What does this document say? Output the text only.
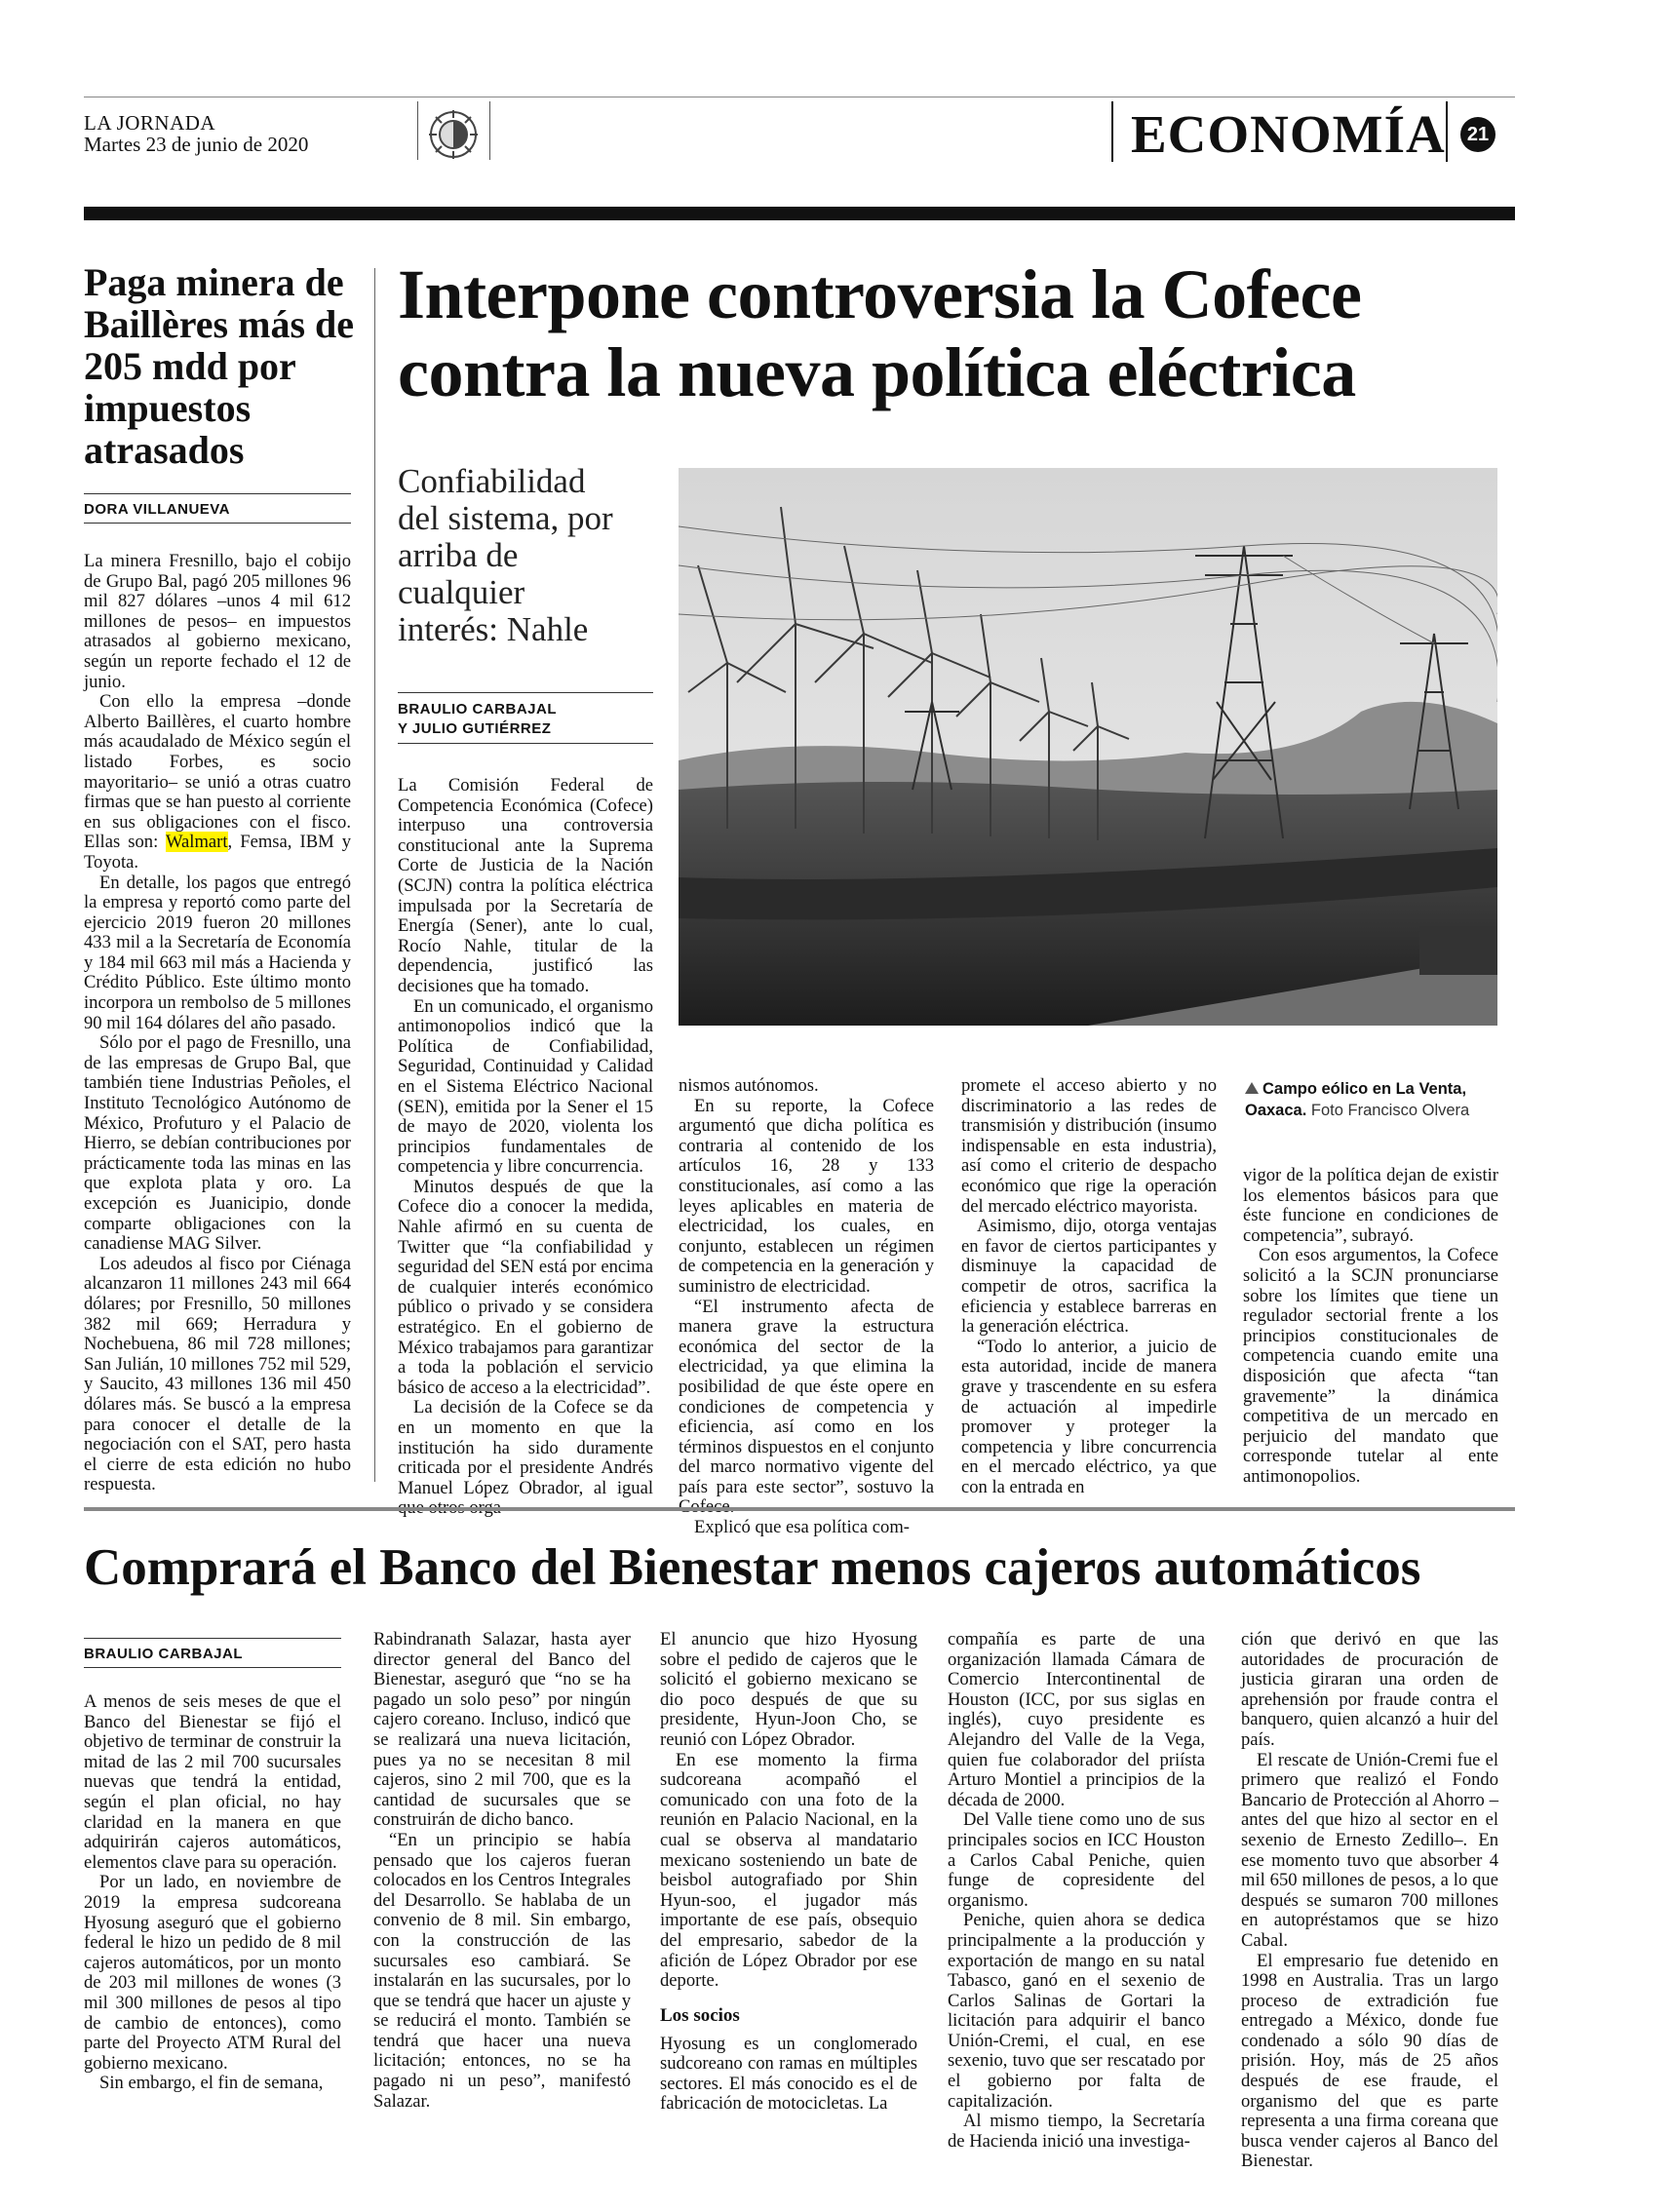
LA JORNADA
Martes 23 de junio de 2020	ECONOMÍA	21
Paga minera de Baillères más de 205 mdd por impuestos atrasados
DORA VILLANUEVA

La minera Fresnillo, bajo el cobijo de Grupo Bal, pagó 205 millones 96 mil 827 dólares –unos 4 mil 612 millones de pesos– en impuestos atrasados al gobierno mexicano, según un reporte fechado el 12 de junio.

Con ello la empresa –donde Alberto Baillères, el cuarto hombre más acaudalado de México según el listado Forbes, es socio mayoritario– se unió a otras cuatro firmas que se han puesto al corriente en sus obligaciones con el fisco. Ellas son: Walmart, Femsa, IBM y Toyota.

En detalle, los pagos que entregó la empresa y reportó como parte del ejercicio 2019 fueron 20 millones 433 mil a la Secretaría de Economía y 184 mil 663 mil más a Hacienda y Crédito Público. Este último monto incorpora un rembolso de 5 millones 90 mil 164 dólares del año pasado.

Sólo por el pago de Fresnillo, una de las empresas de Grupo Bal, que también tiene Industrias Peñoles, el Instituto Tecnológico Autónomo de México, Profuturo y el Palacio de Hierro, se debían contribuciones por prácticamente toda las minas en las que explota plata y oro. La excepción es Juanicipio, donde comparte obligaciones con la canadiense MAG Silver.

Los adeudos al fisco por Ciénaga alcanzaron 11 millones 243 mil 664 dólares; por Fresnillo, 50 millones 382 mil 669; Herradura y Nochebuena, 86 mil 728 millones; San Julián, 10 millones 752 mil 529, y Saucito, 43 millones 136 mil 450 dólares más. Se buscó a la empresa para conocer el detalle de la negociación con el SAT, pero hasta el cierre de esta edición no hubo respuesta.

Interpone controversia la Cofece contra la nueva política eléctrica
Confiabilidad del sistema, por arriba de cualquier interés: Nahle
BRAULIO CARBAJAL
Y JULIO GUTIÉRREZ
Campo eólico en La Venta, Oaxaca. Foto Francisco Olvera

La Comisión Federal de Competencia Económica (Cofece) interpuso una controversia constitucional ante la Suprema Corte de Justicia de la Nación (SCJN) contra la política eléctrica impulsada por la Secretaría de Energía (Sener), ante lo cual, Rocío Nahle, titular de la dependencia, justificó las decisiones que ha tomado.

En un comunicado, el organismo antimonopolios indicó que la Política de Confiabilidad, Seguridad, Continuidad y Calidad en el Sistema Eléctrico Nacional (SEN), emitida por la Sener el 15 de mayo de 2020, violenta los principios fundamentales de competencia y libre concurrencia.

Minutos después de que la Cofece dio a conocer la medida, Nahle afirmó en su cuenta de Twitter que “la confiabilidad y seguridad del SEN está por encima de cualquier interés económico público o privado y se considera estratégico. En el gobierno de México trabajamos para garantizar a toda la población el servicio básico de acceso a la electricidad”.

La decisión de la Cofece se da en un momento en que la institución ha sido duramente criticada por el presidente Andrés Manuel López Obrador, al igual

nismos autónomos.

En su reporte, la Cofece argumentó que dicha política es contraria al contenido de los artículos 16, 28 y 133 constitucionales, así como a las leyes aplicables en materia de electricidad, los cuales, en conjunto, establecen un régimen de competencia en la generación y suministro de electricidad.

“El instrumento afecta de manera grave la estructura económica del sector de la electricidad, ya que elimina la posibilidad de que éste opere en condiciones de competencia y eficiencia, así como en los términos dispuestos en el conjunto del marco normativo vigente del país para este sector”, sostuvo la

Explicó que esa política com-

promete el acceso abierto y no discriminatorio a las redes de transmisión y distribución (insumo indispensable en esta industria), así como el criterio de despacho económico que rige la operación del mercado eléctrico mayorista.

Asimismo, dijo, otorga ventajas en favor de ciertos participantes y disminuye la capacidad de competir de otros, sacrifica la eficiencia y establece barreras en la generación eléctrica.

“Todo lo anterior, a juicio de esta autoridad, incide de manera grave y trascendente en su esfera de actuación al impedirle promover y proteger la competencia y libre concurrencia en el mercado eléctrico, ya que con la entrada en

vigor de la política dejan de existir los elementos básicos para que éste funcione en condiciones de competencia”, subrayó.

Con esos argumentos, la Cofece solicitó a la SCJN pronunciarse sobre los límites que tiene un regulador sectorial frente a los principios constitucionales de competencia cuando emite una disposición que afecta “tan gravemente” la dinámica competitiva de un mercado en perjuicio del mandato que corresponde tutelar al ente antimonopolios.

Comprará el Banco del Bienestar menos cajeros automáticos
BRAULIO CARBAJAL

A menos de seis meses de que el Banco del Bienestar se fijó el objetivo de terminar de construir la mitad de las 2 mil 700 sucursales nuevas que tendrá la entidad, según el plan oficial, no hay claridad en la manera en que adquirirán cajeros automáticos, elementos clave para su operación.

Por un lado, en noviembre de 2019 la empresa sudcoreana Hyosung aseguró que el gobierno federal le hizo un pedido de 8 mil cajeros automáticos, por un monto de 203 mil millones de wones (3 mil 300 millones de pesos al tipo de cambio de entonces), como parte del Proyecto ATM Rural del gobierno mexicano.

Sin embargo, el fin de semana,

Rabindranath Salazar, hasta ayer director general del Banco del Bienestar, aseguró que “no se ha pagado un solo peso” por ningún cajero coreano. Incluso, indicó que se realizará una nueva licitación, pues ya no se necesitan 8 mil cajeros, sino 2 mil 700, que es la cantidad de sucursales que se construirán de dicho banco.

“En un principio se había pensado que los cajeros fueran colocados en los Centros Integrales del Desarrollo. Se hablaba de un convenio de 8 mil. Sin embargo, con la construcción de las sucursales eso cambiará. Se instalarán en las sucursales, por lo que se tendrá que hacer un ajuste y se reducirá el monto. También se tendrá que hacer una nueva licitación; entonces, no se ha pagado ni un peso”, manifestó Salazar.

El anuncio que hizo Hyosung sobre el pedido de cajeros que le solicitó el gobierno mexicano se dio poco después de que su presidente, Hyun-Joon Cho, se reunió con López Obrador.

En ese momento la firma sudcoreana acompañó el comunicado con una foto de la reunión en Palacio Nacional, en la cual se observa al mandatario mexicano sosteniendo un bate de beisbol autografiado por Shin Hyun-soo, el jugador más importante de ese país, obsequio del empresario, sabedor de la afición de López Obrador por ese deporte.

Los socios

Hyosung es un conglomerado sudcoreano con ramas en múltiples sectores. El más conocido es el de fabricación de motocicletas. La

compañía es parte de una organización llamada Cámara de Comercio Intercontinental de Houston (ICC, por sus siglas en inglés), cuyo presidente es Alejandro del Valle de la Vega, quien fue colaborador del priísta Arturo Montiel a principios de la década de 2000.

Del Valle tiene como uno de sus principales socios en ICC Houston a Carlos Cabal Peniche, quien funge de copresidente del organismo.

Peniche, quien ahora se dedica principalmente a la producción y exportación de mango en su natal Tabasco, ganó en el sexenio de Carlos Salinas de Gortari la licitación para adquirir el banco Unión-Cremi, el cual, en ese sexenio, tuvo que ser rescatado por el gobierno por falta de capitalización.

Al mismo tiempo, la Secretaría de Hacienda inició una investiga-

ción que derivó en que las autoridades de procuración de justicia giraran una orden de aprehensión por fraude contra el banquero, quien alcanzó a huir del país.

El rescate de Unión-Cremi fue el primero que realizó el Fondo Bancario de Protección al Ahorro –antes del que hizo al sector en el sexenio de Ernesto Zedillo–. En ese momento tuvo que absorber 4 mil 650 millones de pesos, a lo que después se sumaron 700 millones en autopréstamos que se hizo Cabal.

El empresario fue detenido en 1998 en Australia. Tras un largo proceso de extradición fue entregado a México, donde fue condenado a sólo 90 días de prisión. Hoy, más de 25 años después de ese fraude, el organismo del que es parte representa a una firma coreana que busca vender cajeros al Banco del Bienestar.
